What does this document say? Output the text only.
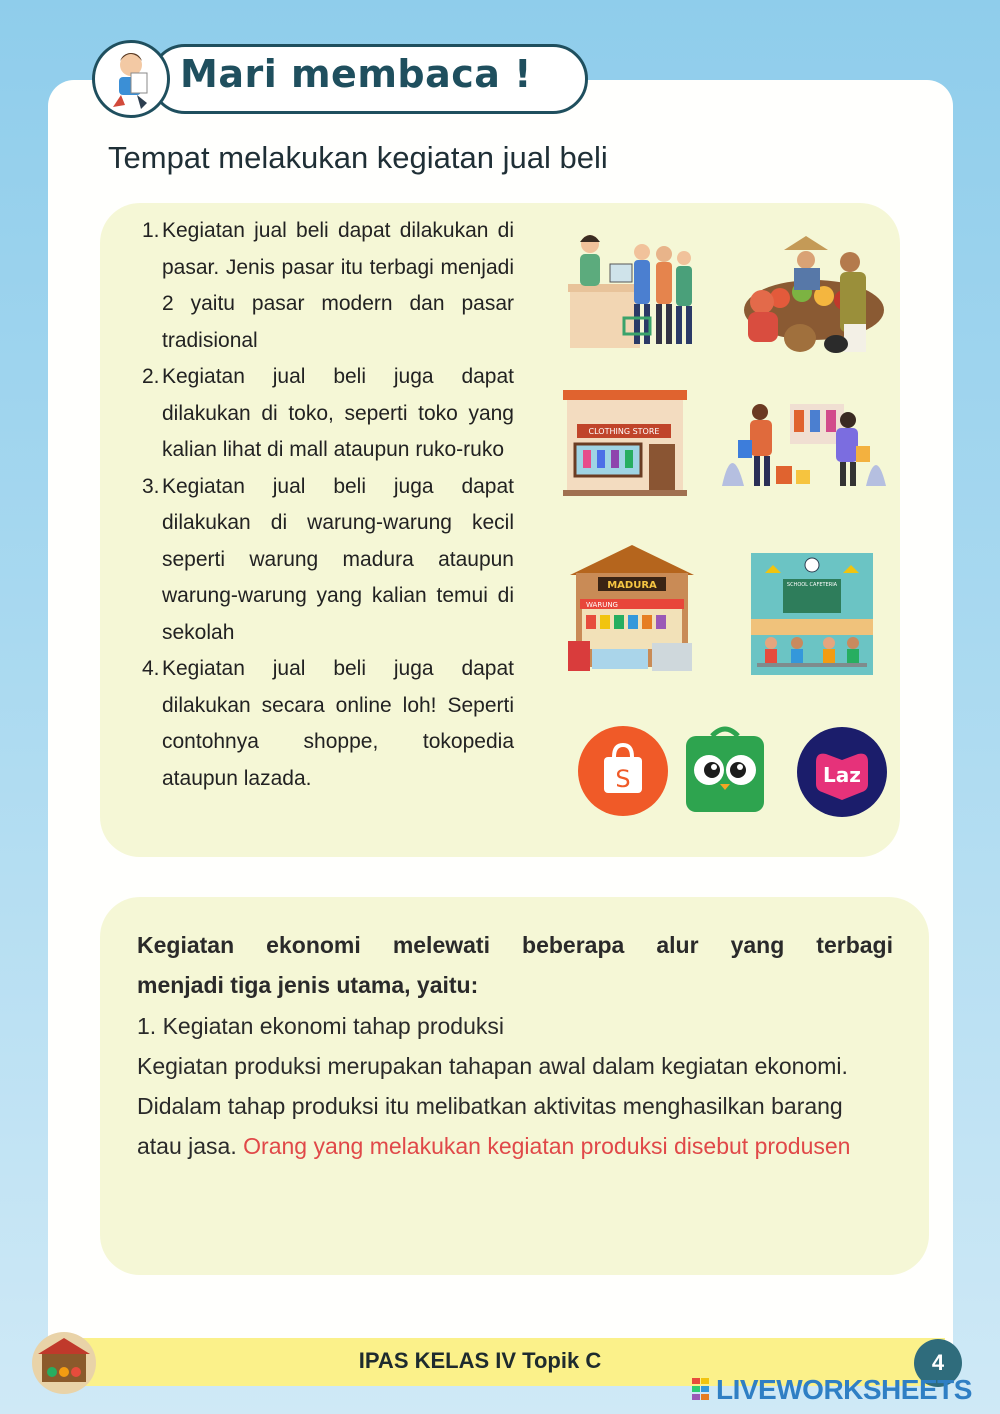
Mari membaca !
Tempat melakukan kegiatan jual beli
1. Kegiatan jual beli dapat dilakukan di pasar. Jenis pasar itu terbagi menjadi 2 yaitu pasar modern dan pasar tradisional

2. Kegiatan jual beli juga dapat dilakukan di toko, seperti toko yang kalian lihat di mall ataupun ruko-ruko

3. Kegiatan jual beli juga dapat dilakukan di warung-warung kecil seperti warung madura ataupun warung-warung yang kalian temui di sekolah

4. Kegiatan jual beli juga dapat dilakukan secara online loh! Seperti contohnya shoppe, tokopedia ataupun lazada.

CLOTHING STORE
MADURA
WARUNG
SCHOOL CAFETERIA
S	Laz
Kegiatan ekonomi melewati beberapa alur yang terbagi
menjadi tiga jenis utama, yaitu:
1. Kegiatan ekonomi tahap produksi
Kegiatan produksi merupakan tahapan awal dalam kegiatan ekonomi. Didalam tahap produksi itu melibatkan aktivitas menghasilkan barang atau jasa. Orang yang melakukan kegiatan produksi disebut produsen
IPAS KELAS IV Topik C	4
LIVEWORKSHEETS
